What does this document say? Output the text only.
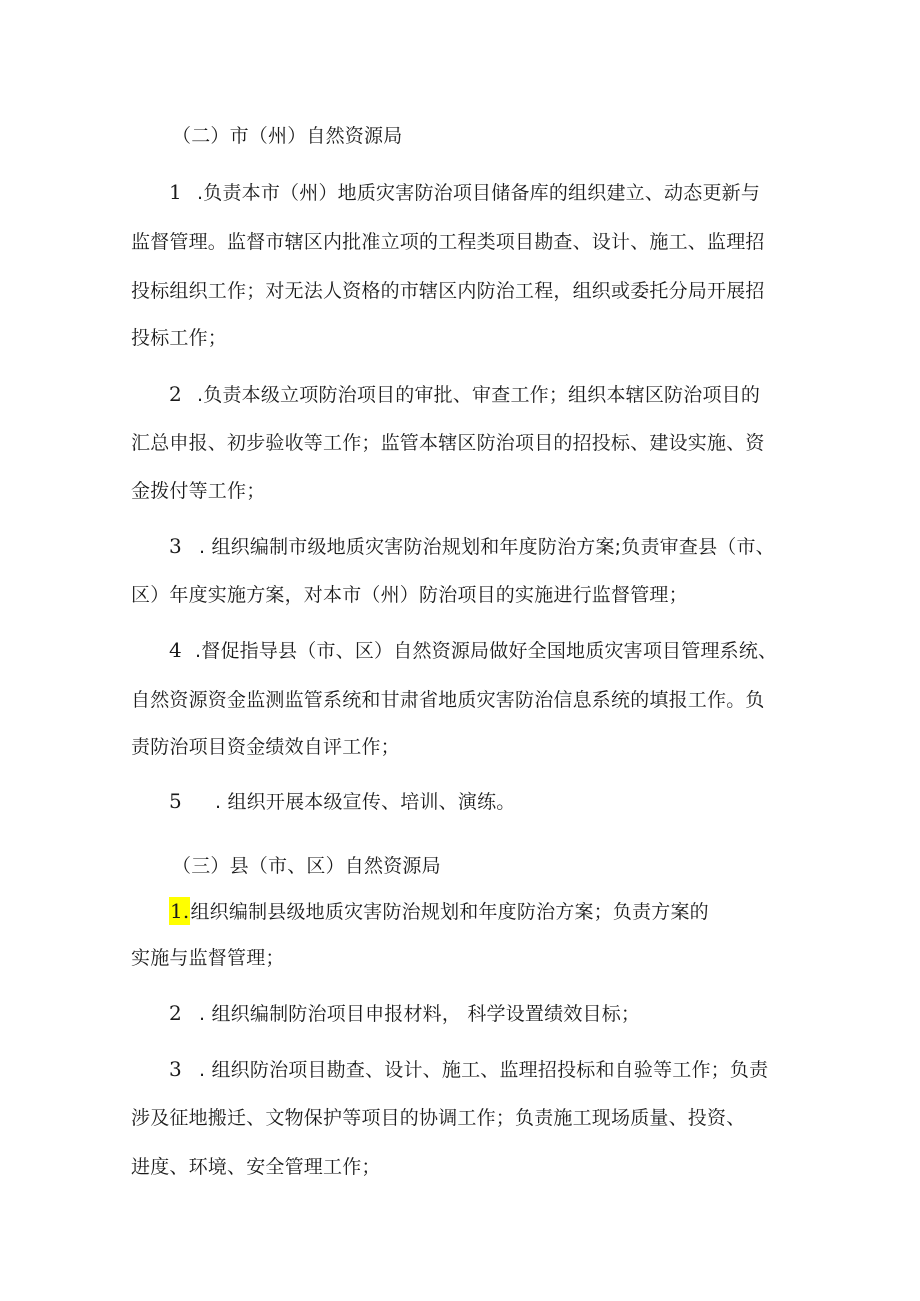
（二）市（州）自然资源局
1 .负责本市（州）地质灾害防治项目储备库的组织建立、动态更新与
监督管理。监督市辖区内批准立项的工程类项目勘查、设计、施工、监理招
投标组织工作；对无法人资格的市辖区内防治工程，组织或委托分局开展招
投标工作；
2 .负责本级立项防治项目的审批、审查工作；组织本辖区防治项目的
汇总申报、初步验收等工作；监管本辖区防治项目的招投标、建设实施、资
金拨付等工作；
3 . 组织编制市级地质灾害防治规划和年度防治方案;负责审查县（市、
区）年度实施方案，对本市（州）防治项目的实施进行监督管理；
4 .督促指导县（市、区）自然资源局做好全国地质灾害项目管理系统、
自然资源资金监测监管系统和甘肃省地质灾害防治信息系统的填报工作。负
责防治项目资金绩效自评工作；
5 . 组织开展本级宣传、培训、演练。
（三）县（市、区）自然资源局
1.组织编制县级地质灾害防治规划和年度防治方案；负责方案的
实施与监督管理；
2 . 组织编制防治项目申报材料， 科学设置绩效目标；
3 . 组织防治项目勘查、设计、施工、监理招投标和自验等工作；负责
涉及征地搬迁、文物保护等项目的协调工作；负责施工现场质量、投资、
进度、环境、安全管理工作；
